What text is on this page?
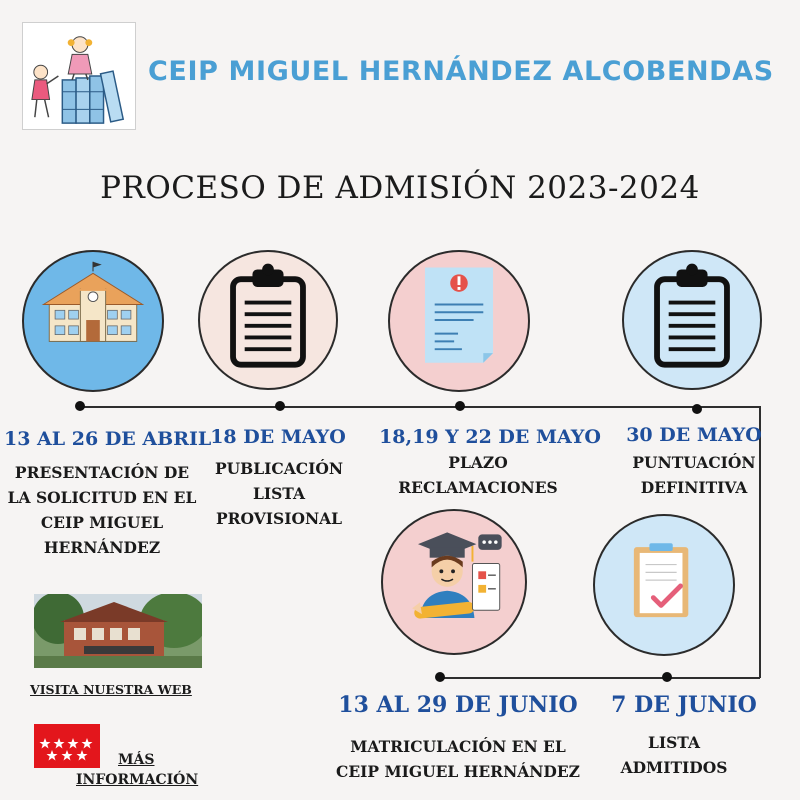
CEIP MIGUEL HERNÁNDEZ ALCOBENDAS
PROCESO DE ADMISIÓN 2023-2024
13 AL 26 DE ABRIL
18 DE MAYO	18,19 Y 22 DE MAYO	30 DE MAYO
7 DE JUNIO
13 AL 29 DE JUNIO
PRESENTACIÓN DE
LA SOLICITUD EN EL
CEIP MIGUEL
HERNÁNDEZ
PUBLICACIÓN
LISTA
PROVISIONAL
PLAZO
RECLAMACIONES
PUNTUACIÓN
DEFINITIVA
LISTA
ADMITIDOS
MATRICULACIÓN EN EL
CEIP MIGUEL HERNÁNDEZ
VISITA NUESTRA WEB
MÁS
INFORMACIÓN
